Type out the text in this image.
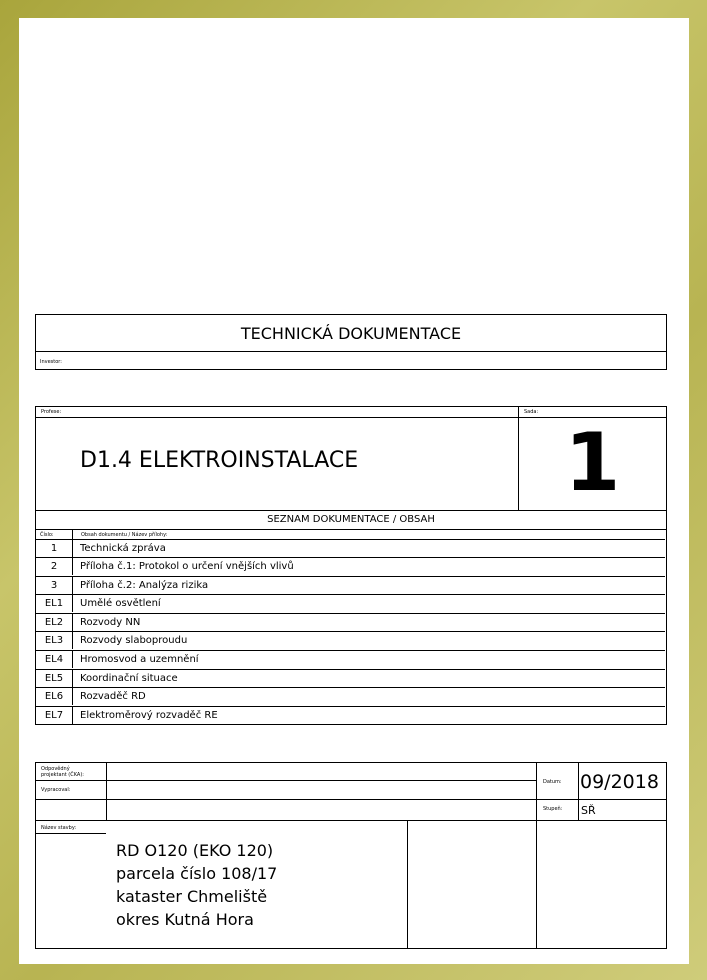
TECHNICKÁ DOKUMENTACE
Investor:
Profese:	Sada:
D1.4 ELEKTROINSTALACE	1
SEZNAM DOKUMENTACE / OBSAH
Číslo:	Obsah dokumentu / Název přílohy:
1	Technická zpráva
2	Příloha č.1: Protokol o určení vnějších vlivů
3	Příloha č.2: Analýza rizika
EL1	Umělé osvětlení
EL2	Rozvody NN
EL3	Rozvody slaboproudu
EL4	Hromosvod a uzemnění
EL5	Koordinační situace
EL6	Rozvaděč RD
EL7	Elektroměrový rozvaděč RE
Odpovědný
projektant (ČKA):
Vypracoval:
Datum: 09/2018
Stupeň: SŘ
Název stavby:
RD O120 (EKO 120)
parcela číslo 108/17
kataster Chmeliště
okres Kutná Hora
